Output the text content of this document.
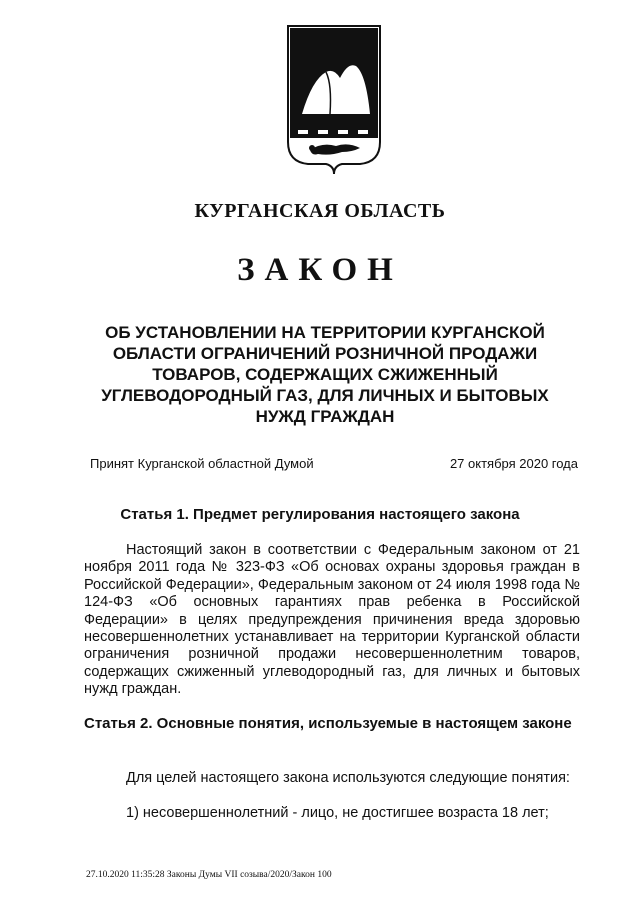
КУРГАНСКАЯ ОБЛАСТЬ
ЗАКОН
ОБ УСТАНОВЛЕНИИ НА ТЕРРИТОРИИ КУРГАНСКОЙ
ОБЛАСТИ ОГРАНИЧЕНИЙ РОЗНИЧНОЙ ПРОДАЖИ
ТОВАРОВ, СОДЕРЖАЩИХ СЖИЖЕННЫЙ
УГЛЕВОДОРОДНЫЙ ГАЗ, ДЛЯ ЛИЧНЫХ И БЫТОВЫХ
НУЖД ГРАЖДАН
Принят Курганской областной Думой	27 октября 2020 года
Статья 1. Предмет регулирования настоящего закона
Настоящий закон в соответствии с Федеральным законом от 21 ноября 2011 года № 323-ФЗ «Об основах охраны здоровья граждан в Российской Федерации», Федеральным законом от 24 июля 1998 года № 124-ФЗ «Об основных гарантиях прав ребенка в Российской Федерации» в целях предупреждения причинения вреда здоровью несовершеннолетних устанавливает на территории Курганской области ограничения розничной продажи несовершеннолетним товаров, содержащих сжиженный углеводородный газ, для личных и бытовых нужд граждан.
Статья 2. Основные понятия, используемые в настоящем законе
Для целей настоящего закона используются следующие понятия:
1) несовершеннолетний - лицо, не достигшее возраста 18 лет;
27.10.2020 11:35:28 Законы Думы VII созыва/2020/Закон 100
